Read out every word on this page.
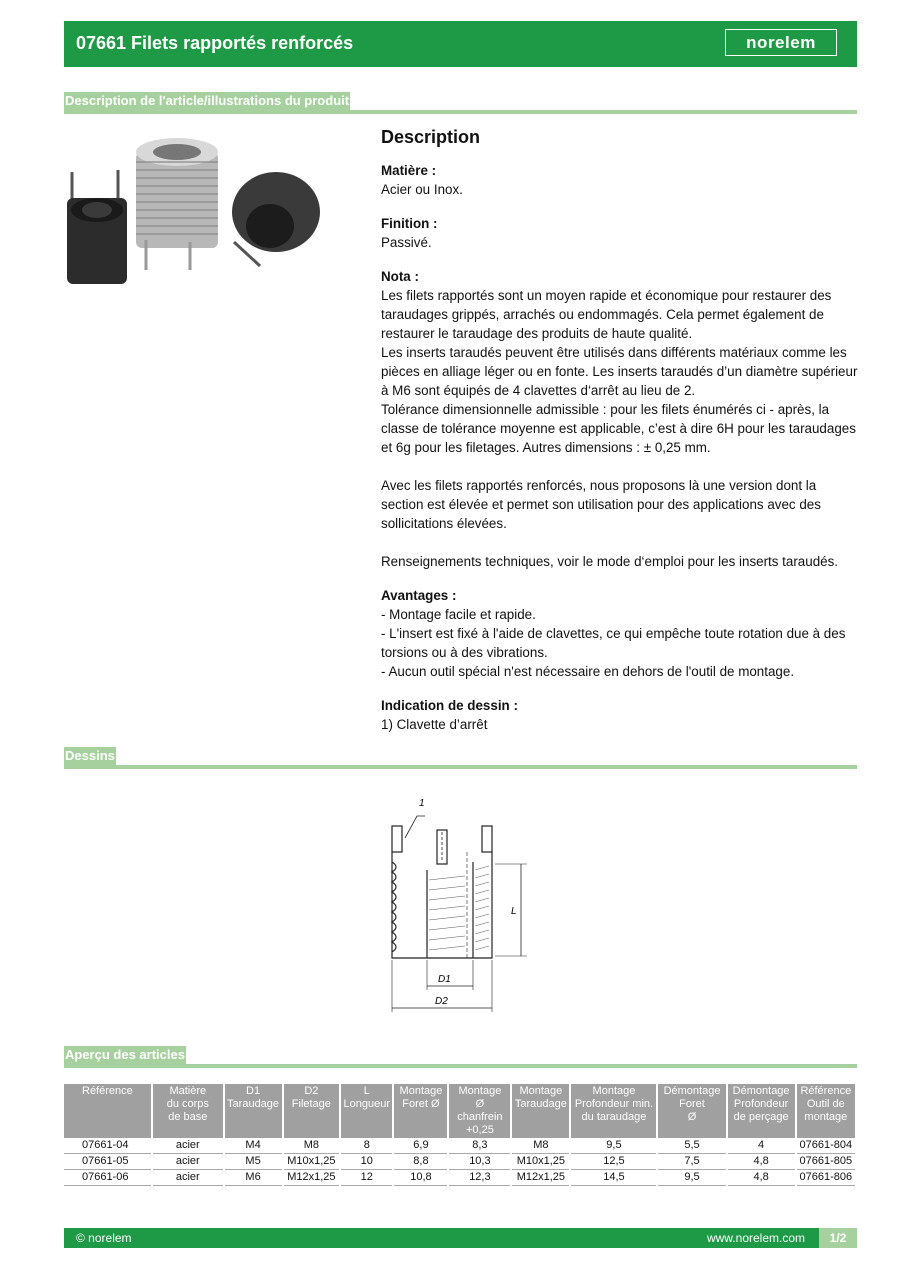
07661 Filets rapportés renforcés	norelem
Description de l'article/illustrations du produit
Description

Matière :
Acier ou Inox.

Finition :
Passivé.

Nota :
Les filets rapportés sont un moyen rapide et économique pour restaurer des taraudages grippés, arrachés ou endommagés. Cela permet également de restaurer le taraudage des produits de haute qualité.
Les inserts taraudés peuvent être utilisés dans différents matériaux comme les pièces en alliage léger ou en fonte. Les inserts taraudés d’un diamètre supérieur à M6 sont équipés de 4 clavettes d‘arrêt au lieu de 2.
Tolérance dimensionnelle admissible : pour les filets énumérés ci - après, la classe de tolérance moyenne est applicable, c’est à dire 6H pour les taraudages et 6g pour les filetages. Autres dimensions : ± 0,25 mm.

Avec les filets rapportés renforcés, nous proposons là une version dont la section est élevée et permet son utilisation pour des applications avec des sollicitations élevées.

Renseignements techniques, voir le mode d‘emploi pour les inserts taraudés.

Avantages :
- Montage facile et rapide.
- L'insert est fixé à l'aide de clavettes, ce qui empêche toute rotation due à des torsions ou à des vibrations.
- Aucun outil spécial n'est nécessaire en dehors de l'outil de montage.

Indication de dessin :
1) Clavette d’arrêt

Dessins
1
L
D1
D2
Aperçu des articles
Référence	Matière
du corps
de base	D1
Taraudage	D2
Filetage	L
Longueur	Montage
Foret Ø	Montage
Ø chanfrein
+0,25	Montage
Taraudage	Montage
Profondeur min.
du taraudage	Démontage
Foret
Ø	Démontage
Profondeur
de perçage	Référence
Outil de
montage
07661-04	acier	M4	M8	8	6,9	8,3	M8	9,5	5,5	4	07661-804
07661-05	acier	M5	M10x1,25	10	8,8	10,3	M10x1,25	12,5	7,5	4,8	07661-805
07661-06	acier	M6	M12x1,25	12	10,8	12,3	M12x1,25	14,5	9,5	4,8	07661-806
© norelem	www.norelem.com	1/2
